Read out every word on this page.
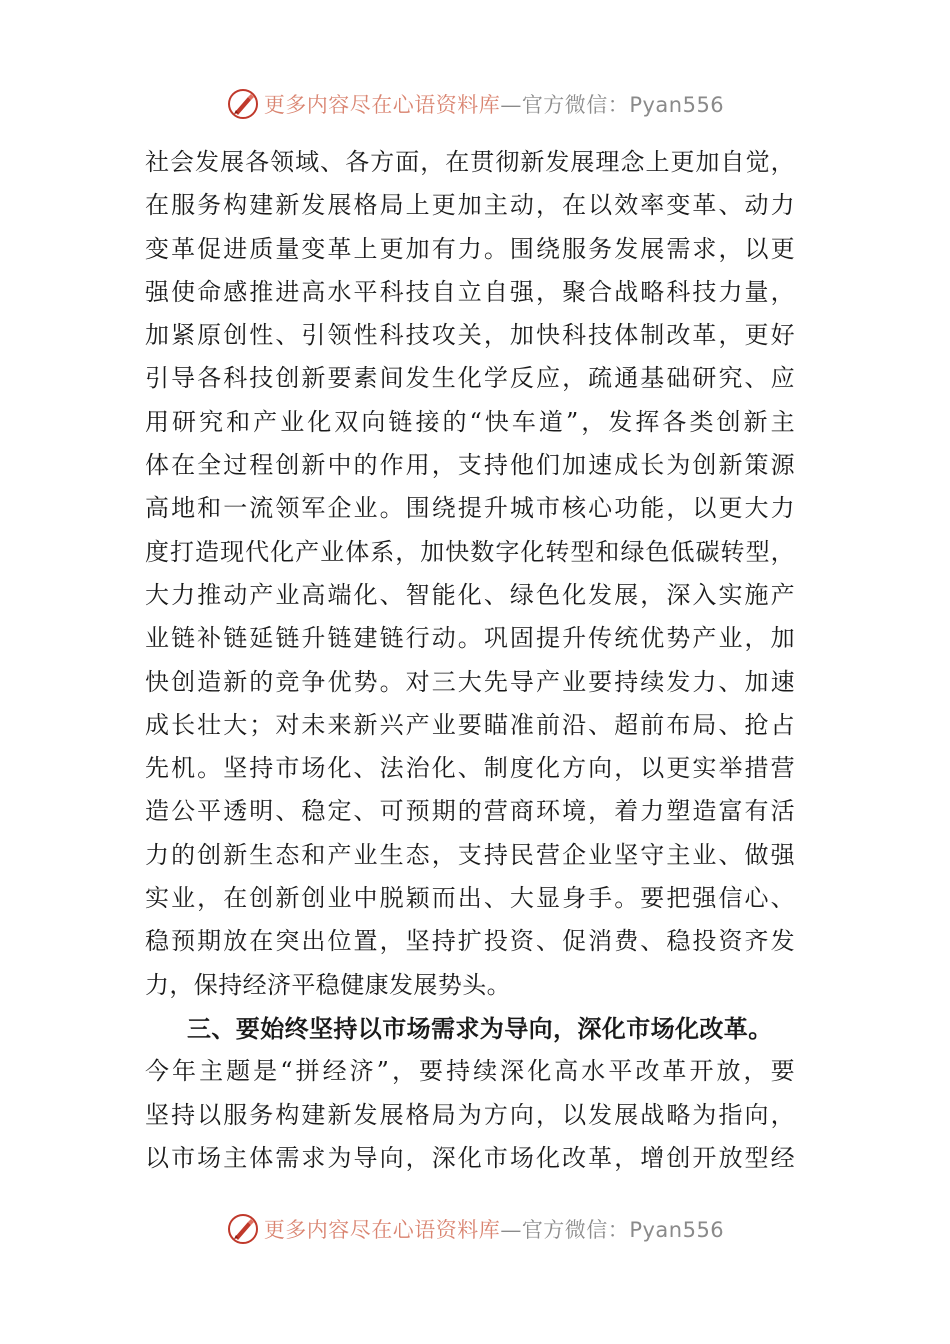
更多内容尽在心语资料库—官方微信：Pyan556
社会发展各领域、各方面，在贯彻新发展理念上更加自觉，
在服务构建新发展格局上更加主动，在以效率变革、动力
变革促进质量变革上更加有力。围绕服务发展需求，以更
强使命感推进高水平科技自立自强，聚合战略科技力量，
加紧原创性、引领性科技攻关，加快科技体制改革，更好
引导各科技创新要素间发生化学反应，疏通基础研究、应
用研究和产业化双向链接的“快车道”，发挥各类创新主
体在全过程创新中的作用，支持他们加速成长为创新策源
高地和一流领军企业。围绕提升城市核心功能，以更大力
度打造现代化产业体系，加快数字化转型和绿色低碳转型，
大力推动产业高端化、智能化、绿色化发展，深入实施产
业链补链延链升链建链行动。巩固提升传统优势产业，加
快创造新的竞争优势。对三大先导产业要持续发力、加速
成长壮大；对未来新兴产业要瞄准前沿、超前布局、抢占
先机。坚持市场化、法治化、制度化方向，以更实举措营
造公平透明、稳定、可预期的营商环境，着力塑造富有活
力的创新生态和产业生态，支持民营企业坚守主业、做强
实业，在创新创业中脱颖而出、大显身手。要把强信心、
稳预期放在突出位置，坚持扩投资、促消费、稳投资齐发
力，保持经济平稳健康发展势头。
三、要始终坚持以市场需求为导向，深化市场化改革。
今年主题是“拼经济”，要持续深化高水平改革开放，要
坚持以服务构建新发展格局为方向，以发展战略为指向，
以市场主体需求为导向，深化市场化改革，增创开放型经
更多内容尽在心语资料库—官方微信：Pyan556
